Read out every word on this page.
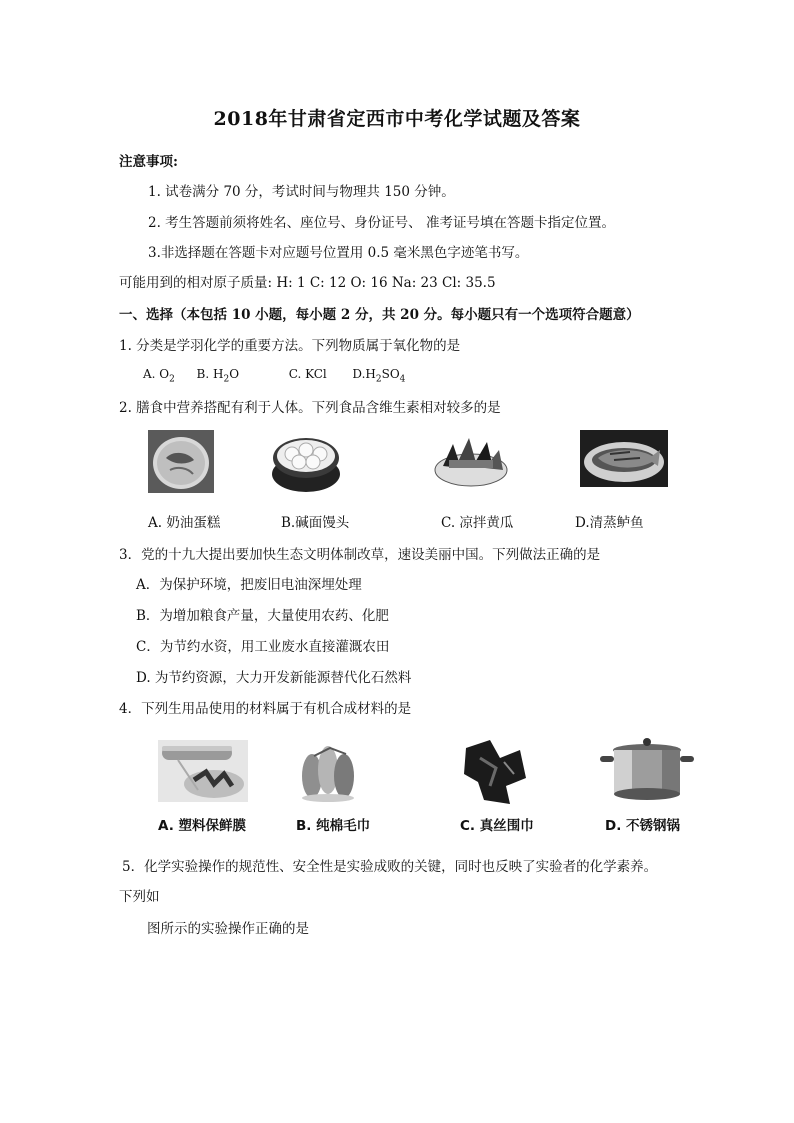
2018年甘肃省定西市中考化学试题及答案
注意事项:
1. 试卷满分 70 分，考试时间与物理共 150 分钟。
2. 考生答题前须将姓名、座位号、身份证号、 准考证号填在答题卡指定位置。
3.非选择题在答题卡对应题号位置用 0.5 毫米黑色字迹笔书写。
可能用到的相对原子质量: H: 1 C: 12 O: 16 Na: 23 Cl: 35.5
一、选择（本包括 10 小题，每小题 2 分，共 20 分。每小题只有一个选项符合题意）
1. 分类是学羽化学的重要方法。下列物质属于氧化物的是
A. $O_2$ B. $H_2O$	C. KCl $D.H_2SO_4$
2. 膳食中营养搭配有利于人体。下列食品含维生素相对较多的是
A. 奶油蛋糕	B.碱面馒头	C. 凉拌黄瓜	D.清蒸鲈鱼
3．党的十九大提出要加快生态文明体制改草，速设美丽中国。下列做法正确的是
A．为保护环境，把废旧电油深埋处理
B．为增加粮食产量，大量使用农药、化肥
C．为节约水资，用工业废水直接灌溉农田
D. 为节约资源，大力开发新能源替代化石然料
4．下列生用品使用的材料属于有机合成材料的是
A. 塑料保鲜膜	B. 纯棉毛巾	C. 真丝围巾	D. 不锈钢锅
5．化学实验操作的规范性、安全性是实验成败的关键，同时也反映了实验者的化学素养。
下列如
图所示的实验操作正确的是
